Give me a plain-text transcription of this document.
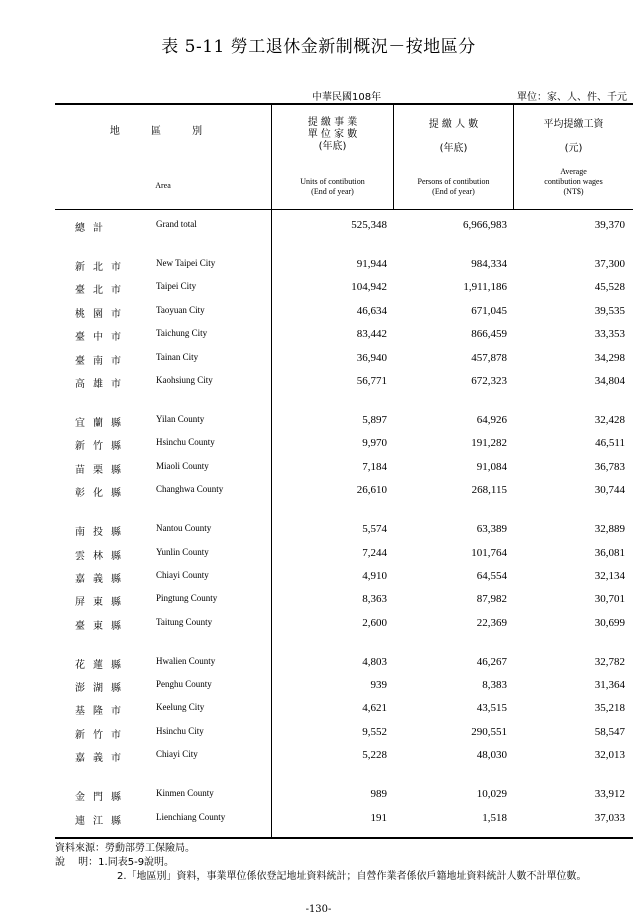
表 5-11 勞工退休金新制概況－按地區分
中華民國108年	單位：家、人、件、千元
地 區 別
Area
提 繳 事 業
單 位 家 數
(年底)
Units of contibution
(End of year)
提 繳 人 數
(年底)
Persons of contibution
(End of year)
平均提繳工資
(元)
Average
contibution wages
(NT$)
總計	Grand total	525,348	6,966,983	39,370
新北市	New Taipei City	91,944	984,334	37,300
臺北市	Taipei City	104,942	1,911,186	45,528
桃園市	Taoyuan City	46,634	671,045	39,535
臺中市	Taichung City	83,442	866,459	33,353
臺南市	Tainan City	36,940	457,878	34,298
高雄市	Kaohsiung City	56,771	672,323	34,804
宜蘭縣	Yilan County	5,897	64,926	32,428
新竹縣	Hsinchu County	9,970	191,282	46,511
苗栗縣	Miaoli County	7,184	91,084	36,783
彰化縣	Changhwa County	26,610	268,115	30,744
南投縣	Nantou County	5,574	63,389	32,889
雲林縣	Yunlin County	7,244	101,764	36,081
嘉義縣	Chiayi County	4,910	64,554	32,134
屏東縣	Pingtung County	8,363	87,982	30,701
臺東縣	Taitung County	2,600	22,369	30,699
花蓮縣	Hwalien County	4,803	46,267	32,782
澎湖縣	Penghu County	939	8,383	31,364
基隆市	Keelung City	4,621	43,515	35,218
新竹市	Hsinchu City	9,552	290,551	58,547
嘉義市	Chiayi City	5,228	48,030	32,013
金門縣	Kinmen County	989	10,029	33,912
連江縣	Lienchiang County	191	1,518	37,033
資料來源：勞動部勞工保險局。
說　 明：1.同表5-9說明。
2.「地區別」資料，事業單位係依登記地址資料統計；自營作業者係依戶籍地址資料統計人數不計單位數。
-130-
